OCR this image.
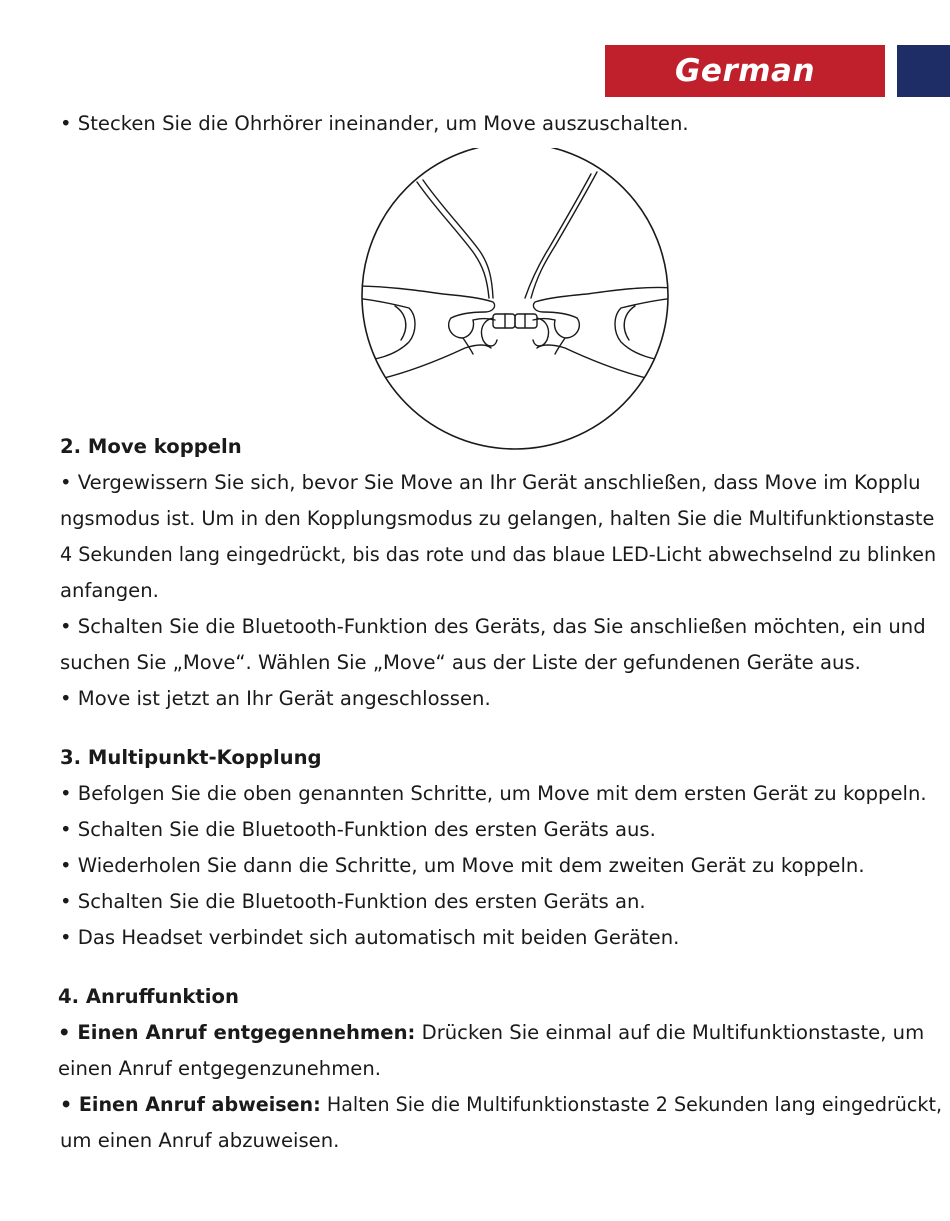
German

• Stecken Sie die Ohrhörer ineinander, um Move auszuschalten.

2. Move koppeln

• Vergewissern Sie sich, bevor Sie Move an Ihr Gerät anschließen, dass Move im Kopplu

ngsmodus ist. Um in den Kopplungsmodus zu gelangen, halten Sie die Multifunktionstaste

4 Sekunden lang eingedrückt, bis das rote und das blaue LED-Licht abwechselnd zu blinken

anfangen.

• Schalten Sie die Bluetooth-Funktion des Geräts, das Sie anschließen möchten, ein und

suchen Sie „Move“. Wählen Sie „Move“ aus der Liste der gefundenen Geräte aus.

• Move ist jetzt an Ihr Gerät angeschlossen.

3. Multipunkt-Kopplung

• Befolgen Sie die oben genannten Schritte, um Move mit dem ersten Gerät zu koppeln.

• Schalten Sie die Bluetooth-Funktion des ersten Geräts aus.

• Wiederholen Sie dann die Schritte, um Move mit dem zweiten Gerät zu koppeln.

• Schalten Sie die Bluetooth-Funktion des ersten Geräts an.

• Das Headset verbindet sich automatisch mit beiden Geräten.

4. Anruffunktion

• Einen Anruf entgegennehmen: Drücken Sie einmal auf die Multifunktionstaste, um

einen Anruf entgegenzunehmen.

• Einen Anruf abweisen: Halten Sie die Multifunktionstaste 2 Sekunden lang eingedrückt,

um einen Anruf abzuweisen.
